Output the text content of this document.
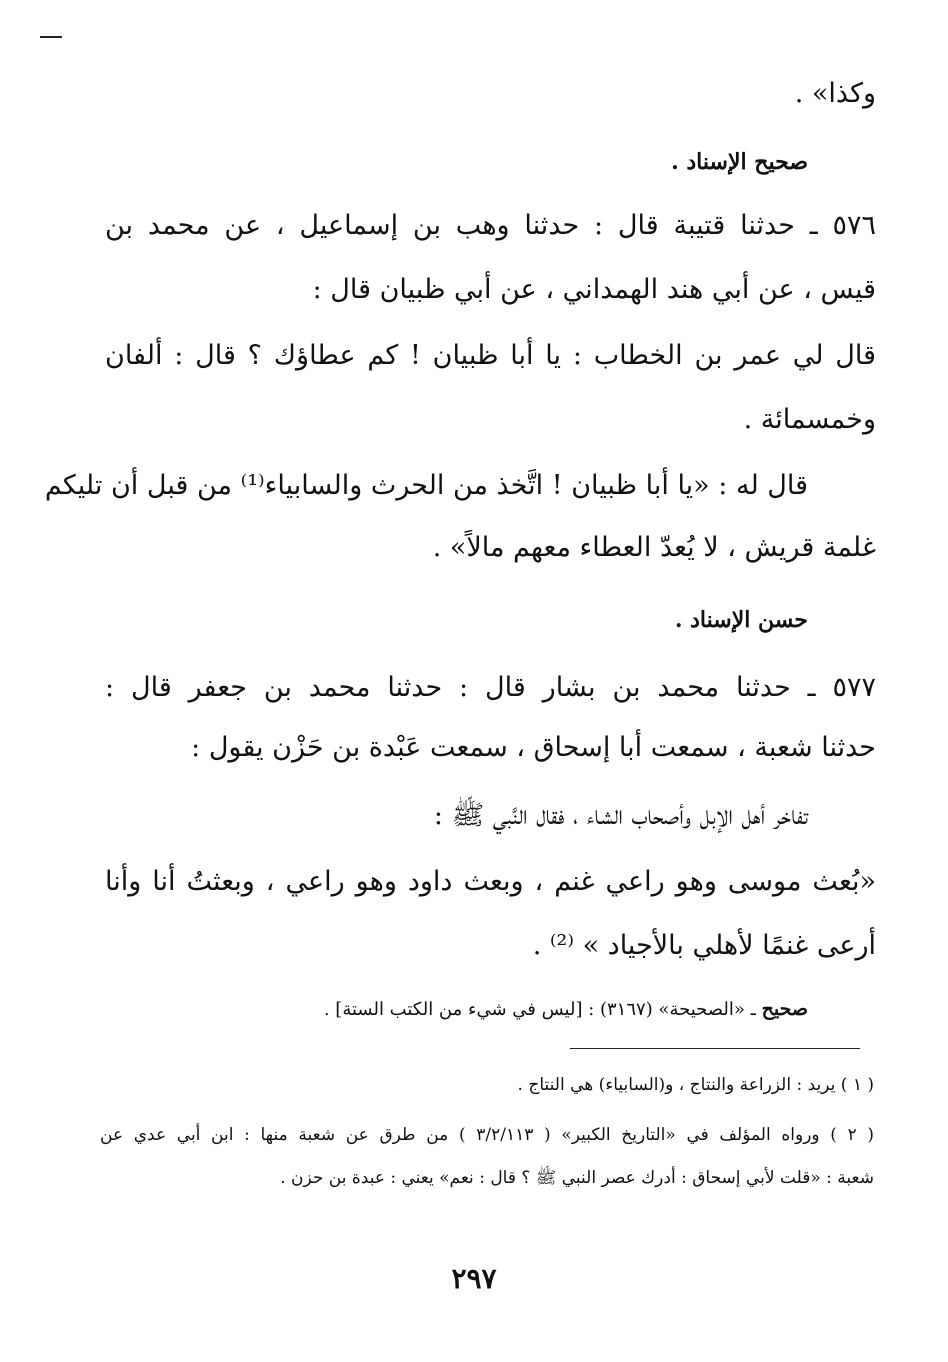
وكذا» .
صحيح الإسناد .
٥٧٦ ـ حدثنا قتيبة قال : حدثنا وهب بن إسماعيل ، عن محمد بن
قيس ، عن أبي هند الهمداني ، عن أبي ظبيان قال :
قال لي عمر بن الخطاب : يا أبا ظبيان ! كم عطاؤك ؟ قال : ألفان
وخمسمائة .
قال له : «يا أبا ظبيان ! اتَّخذ من الحرث والسابياء⁽¹⁾ من قبل أن تليكم
غلمة قريش ، لا يُعدّ العطاء معهم مالاً» .
حسن الإسناد .
٥٧٧ ـ حدثنا محمد بن بشار قال : حدثنا محمد بن جعفر قال :
حدثنا شعبة ، سمعت أبا إسحاق ، سمعت عَبْدة بن حَزْن يقول :
تفاخر أهل الإبل وأصحاب الشاء ، فقال النَّبي ﷺ :
«بُعث موسى وهو راعي غنم ، وبعث داود وهو راعي ، وبعثتُ أنا وأنا
أرعى غنمًا لأهلي بالأجياد » ⁽²⁾ .
صحيح ـ «الصحيحة» (٣١٦٧) : [ليس في شيء من الكتب الستة] .
( ١ ) يريد : الزراعة والنتاج ، و(السابياء) هي النتاج .
( ٢ ) ورواه المؤلف في «التاريخ الكبير» ( ٣/٢/١١٣ ) من طرق عن شعبة منها : ابن أبي عدي عن
شعبة : «قلت لأبي إسحاق : أدرك عصر النبي ﷺ ؟ قال : نعم» يعني : عبدة بن حزن .
٢٩٧
